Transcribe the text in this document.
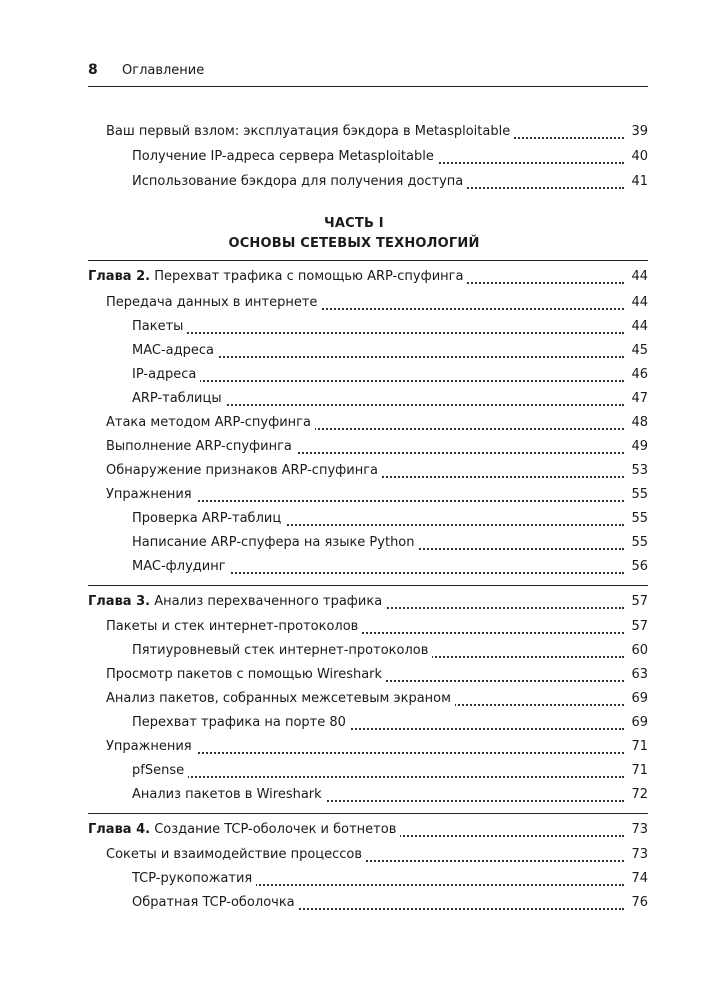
8 Оглавление
Ваш первый взлом: эксплуатация бэкдора в Metasploitable	39
Получение IP-адреса сервера Metasploitable	40
Использование бэкдора для получения доступа	41
ЧАСТЬ I
ОСНОВЫ СЕТЕВЫХ ТЕХНОЛОГИЙ
Глава 2. Перехват трафика с помощью ARP-спуфинга	44
Передача данных в интернете	44
Пакеты	44
MAC-адреса	45
IP-адреса	46
ARP-таблицы	47
Атака методом ARP-спуфинга	48
Выполнение ARP-спуфинга	49
Обнаружение признаков ARP-спуфинга	53
Упражнения	55
Проверка ARP-таблиц	55
Написание ARP-спуфера на языке Python	55
MAC-флудинг	56
Глава 3. Анализ перехваченного трафика	57
Пакеты и стек интернет-протоколов	57
Пятиуровневый стек интернет-протоколов	60
Просмотр пакетов с помощью Wireshark	63
Анализ пакетов, собранных межсетевым экраном	69
Перехват трафика на порте 80	69
Упражнения	71
pfSense	71
Анализ пакетов в Wireshark	72
Глава 4. Создание TCP-оболочек и ботнетов	73
Сокеты и взаимодействие процессов	73
TCP-рукопожатия	74
Обратная TCP-оболочка	76
